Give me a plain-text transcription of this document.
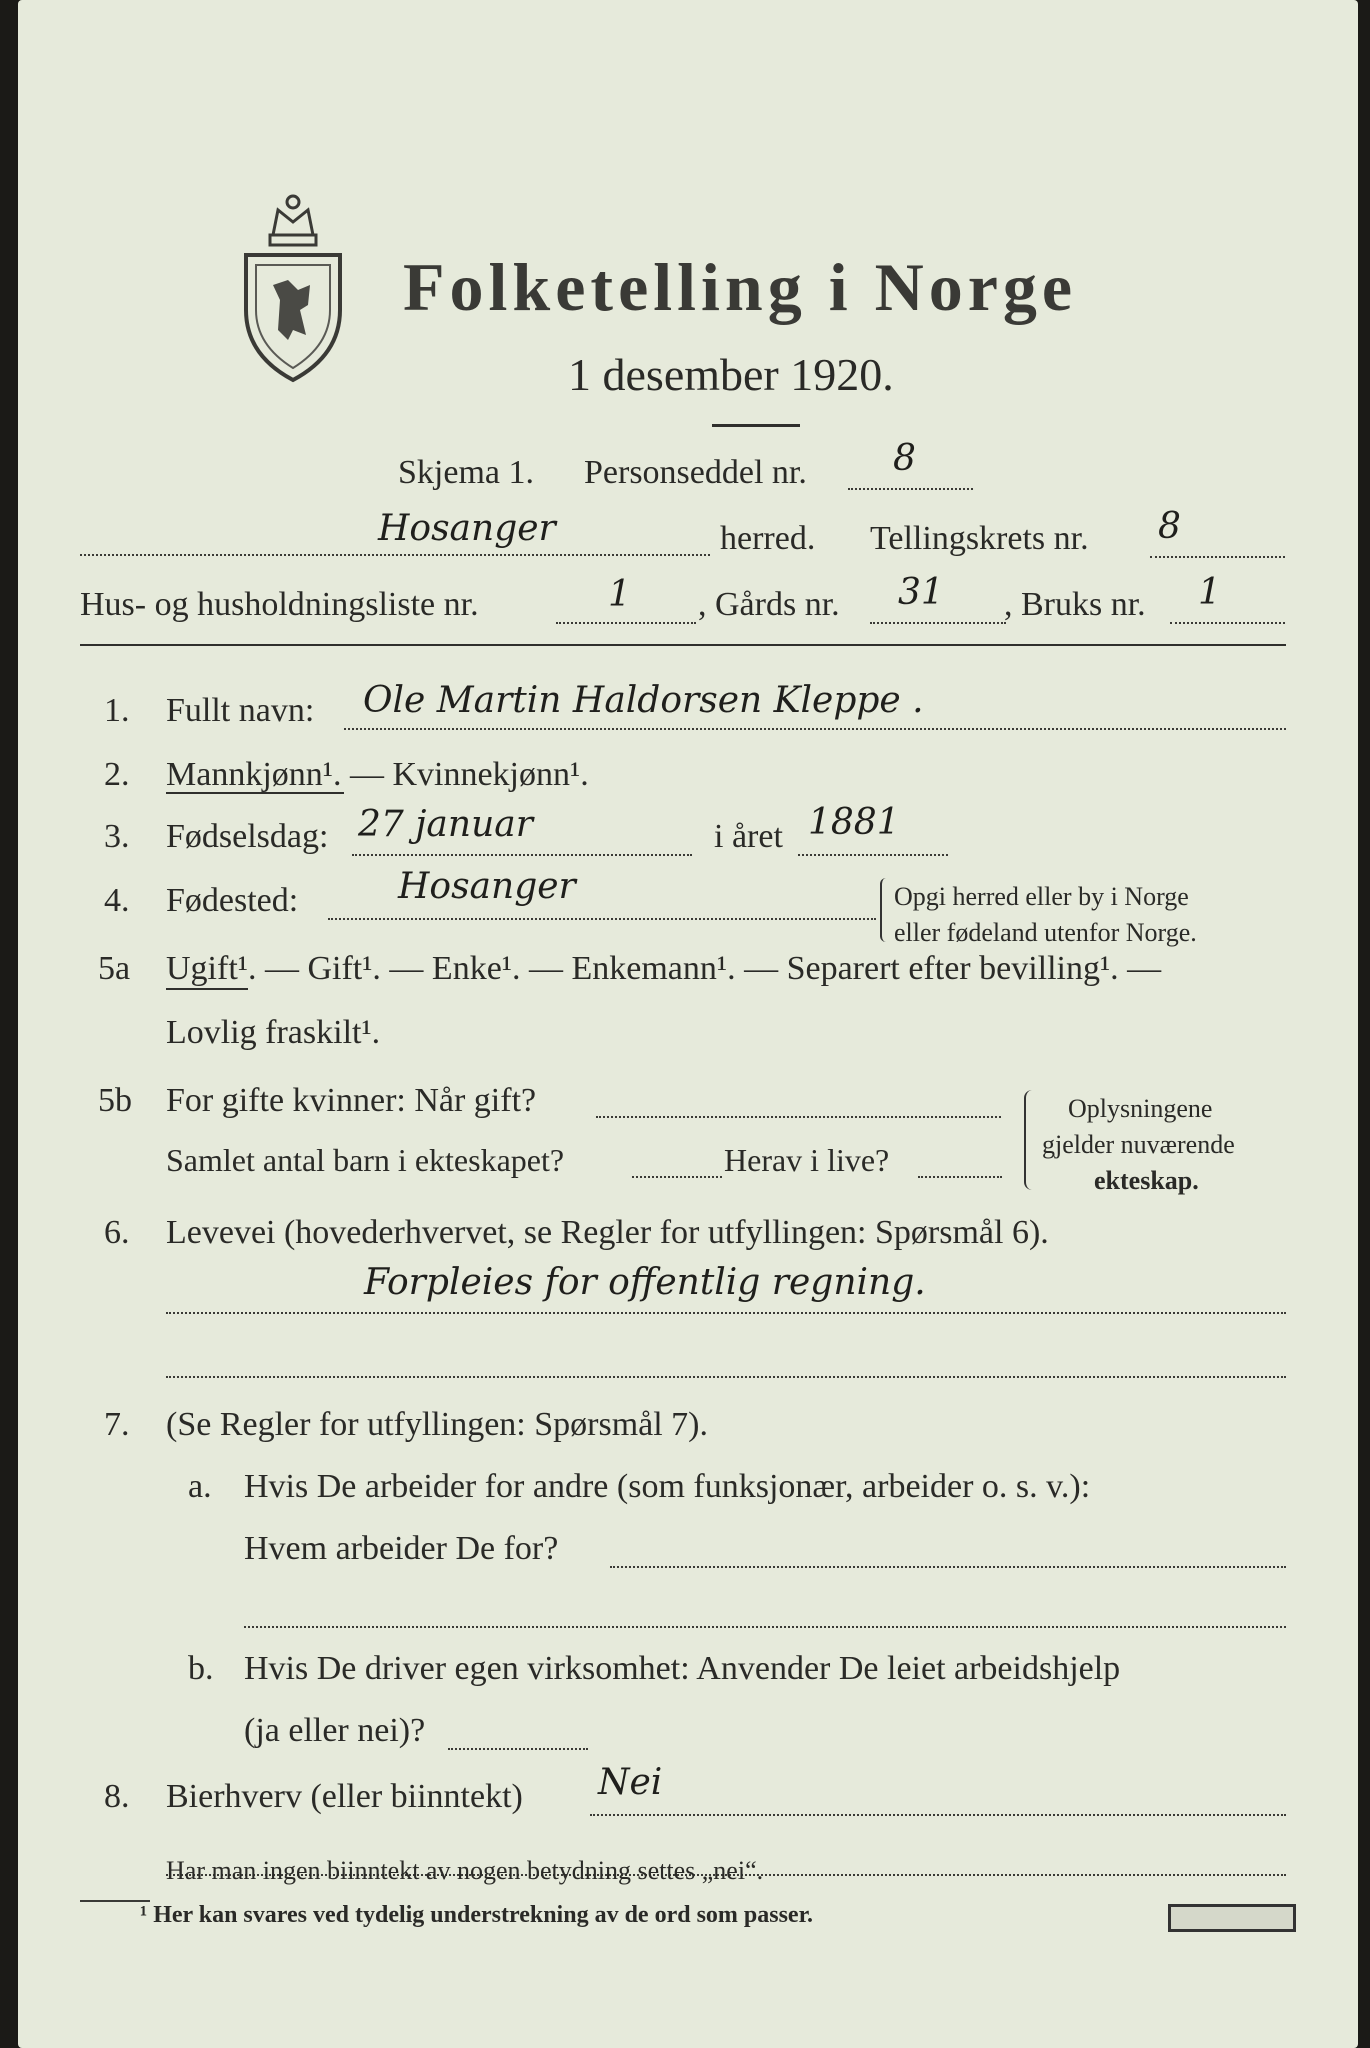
Folketelling i Norge
1 desember 1920.
Skjema 1. Personseddel nr. 8
Hosanger	herred. Tellingskrets nr. 8
Hus- og husholdningsliste nr.	1 , Gårds nr. 31 , Bruks nr. 1
1. Fullt navn: Ole Martin Haldorsen Kleppe .
2. Mannkjønn¹. — Kvinnekjønn¹.
3. Fødselsdag: 27 januar	i året 1881
4. Fødested:	Hosanger	Opgi herred eller by i Norge
eller fødeland utenfor Norge.
5a Ugift¹. — Gift¹. — Enke¹. — Enkemann¹. — Separert efter bevilling¹. —
Lovlig fraskilt¹.
5b For gifte kvinner: Når gift?
Samlet antal barn i ekteskapet?	Herav i live?
Oplysningene
gjelder nuværende
ekteskap.
6. Levevei (hovederhvervet, se Regler for utfyllingen: Spørsmål 6).
Forpleies for offentlig regning.
7. (Se Regler for utfyllingen: Spørsmål 7).
a. Hvis De arbeider for andre (som funksjonær, arbeider o. s. v.):
Hvem arbeider De for?
b. Hvis De driver egen virksomhet: Anvender De leiet arbeidshjelp
(ja eller nei)?
8. Bierhverv (eller biinntekt) Nei
Har man ingen biinntekt av nogen betydning settes „nei“.
¹ Her kan svares ved tydelig understrekning av de ord som passer.
